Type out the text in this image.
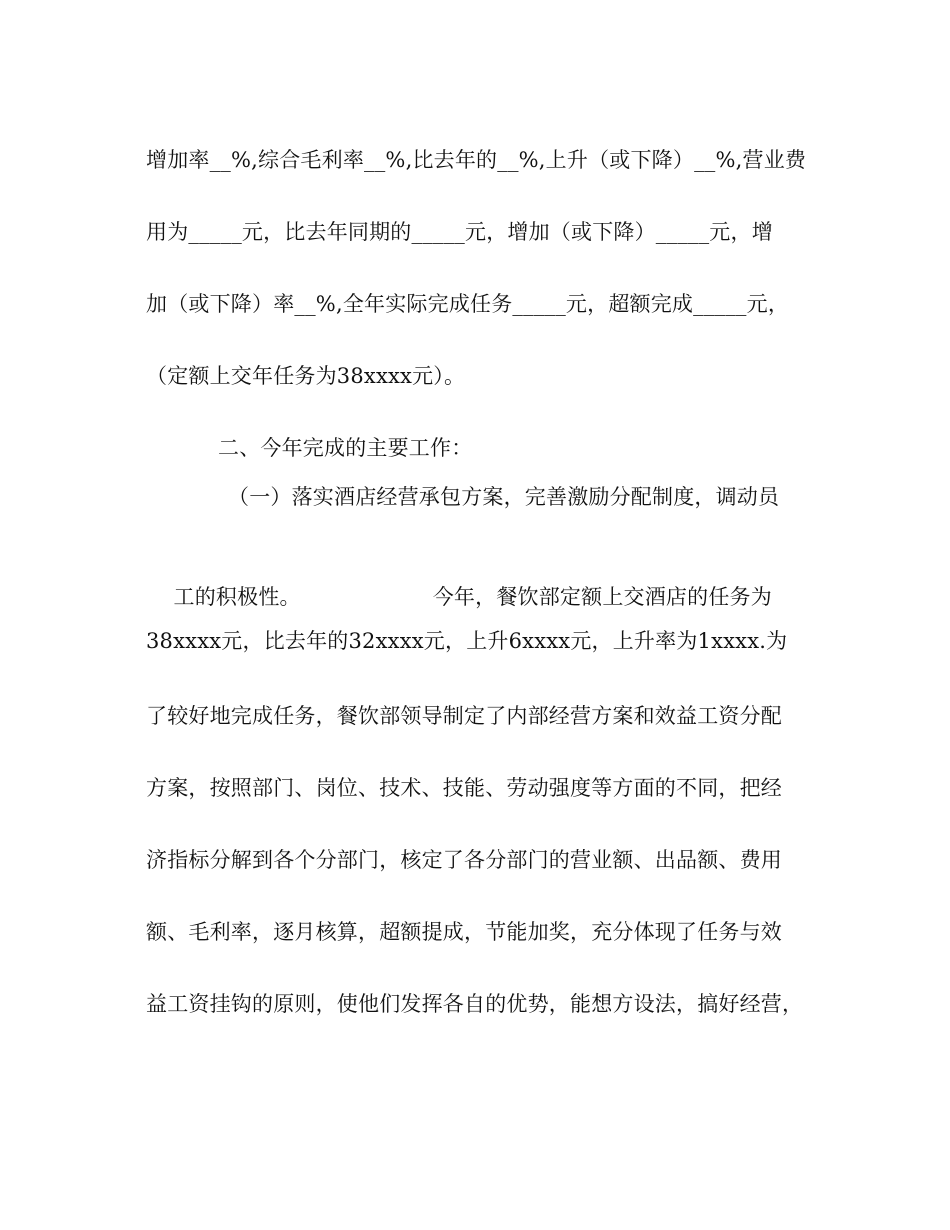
增加率__%,综合毛利率__%,比去年的__%,上升（或下降）__%,营业费
用为_____元，比去年同期的_____元，增加（或下降）_____元，增
加（或下降）率__%,全年实际完成任务_____元，超额完成_____元，
（定额上交年任务为38xxxx元）。
二、今年完成的主要工作：
（一）落实酒店经营承包方案，完善激励分配制度，调动员

工的积极性。	今年，餐饮部定额上交酒店的任务为

38xxxx元，比去年的32xxxx元，上升6xxxx元，上升率为1xxxx.为
了较好地完成任务，餐饮部领导制定了内部经营方案和效益工资分配
方案，按照部门、岗位、技术、技能、劳动强度等方面的不同，把经
济指标分解到各个分部门，核定了各分部门的营业额、出品额、费用
额、毛利率，逐月核算，超额提成，节能加奖，充分体现了任务与效
益工资挂钩的原则，使他们发挥各自的优势，能想方设法，搞好经营，
